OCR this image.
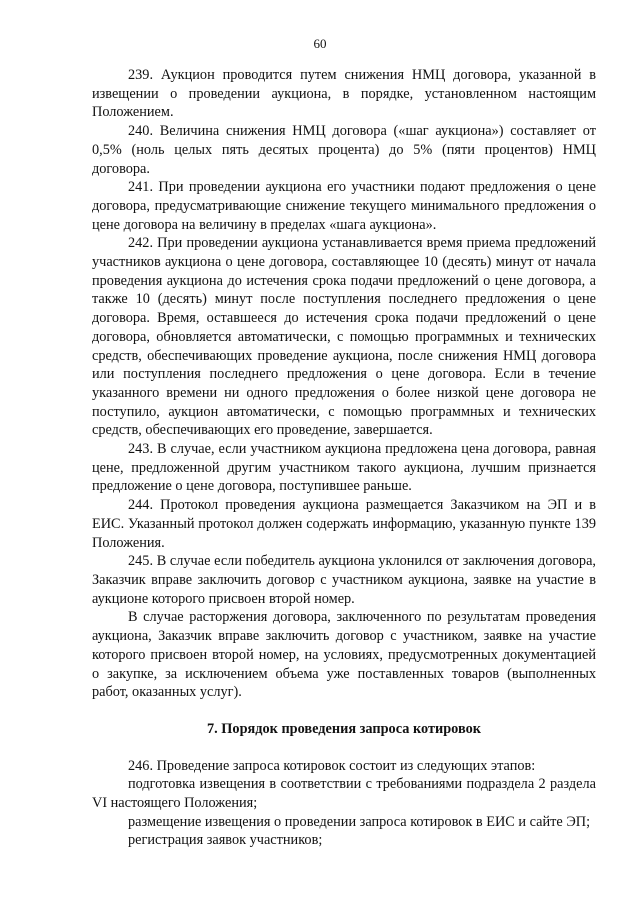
60

239. Аукцион проводится путем снижения НМЦ договора, указанной в извещении о проведении аукциона, в порядке, установленном настоящим Положением.

240. Величина снижения НМЦ договора («шаг аукциона») составляет от 0,5% (ноль целых пять десятых процента) до 5% (пяти процентов) НМЦ договора.

241. При проведении аукциона его участники подают предложения о цене договора, предусматривающие снижение текущего минимального предложения о цене договора на величину в пределах «шага аукциона».

242. При проведении аукциона устанавливается время приема предложений участников аукциона о цене договора, составляющее 10 (десять) минут от начала проведения аукциона до истечения срока подачи предложений о цене договора, а также 10 (десять) минут после поступления последнего предложения о цене договора. Время, оставшееся до истечения срока подачи предложений о цене договора, обновляется автоматически, с помощью программных и технических средств, обеспечивающих проведение аукциона, после снижения НМЦ договора или поступления последнего предложения о цене договора. Если в течение указанного времени ни одного предложения о более низкой цене договора не поступило, аукцион автоматически, с помощью программных и технических средств, обеспечивающих его проведение, завершается.

243. В случае, если участником аукциона предложена цена договора, равная цене, предложенной другим участником такого аукциона, лучшим признается предложение о цене договора, поступившее раньше.

244. Протокол проведения аукциона размещается Заказчиком на ЭП и в ЕИС. Указанный протокол должен содержать информацию, указанную пункте 139 Положения.

245. В случае если победитель аукциона уклонился от заключения договора, Заказчик вправе заключить договор с участником аукциона, заявке на участие в аукционе которого присвоен второй номер.

В случае расторжения договора, заключенного по результатам проведения аукциона, Заказчик вправе заключить договор с участником, заявке на участие которого присвоен второй номер, на условиях, предусмотренных документацией о закупке, за исключением объема уже поставленных товаров (выполненных работ, оказанных услуг).

7. Порядок проведения запроса котировок

246. Проведение запроса котировок состоит из следующих этапов:

подготовка извещения в соответствии с требованиями подраздела 2 раздела VI настоящего Положения;

размещение извещения о проведении запроса котировок в ЕИС и сайте ЭП;

регистрация заявок участников;
